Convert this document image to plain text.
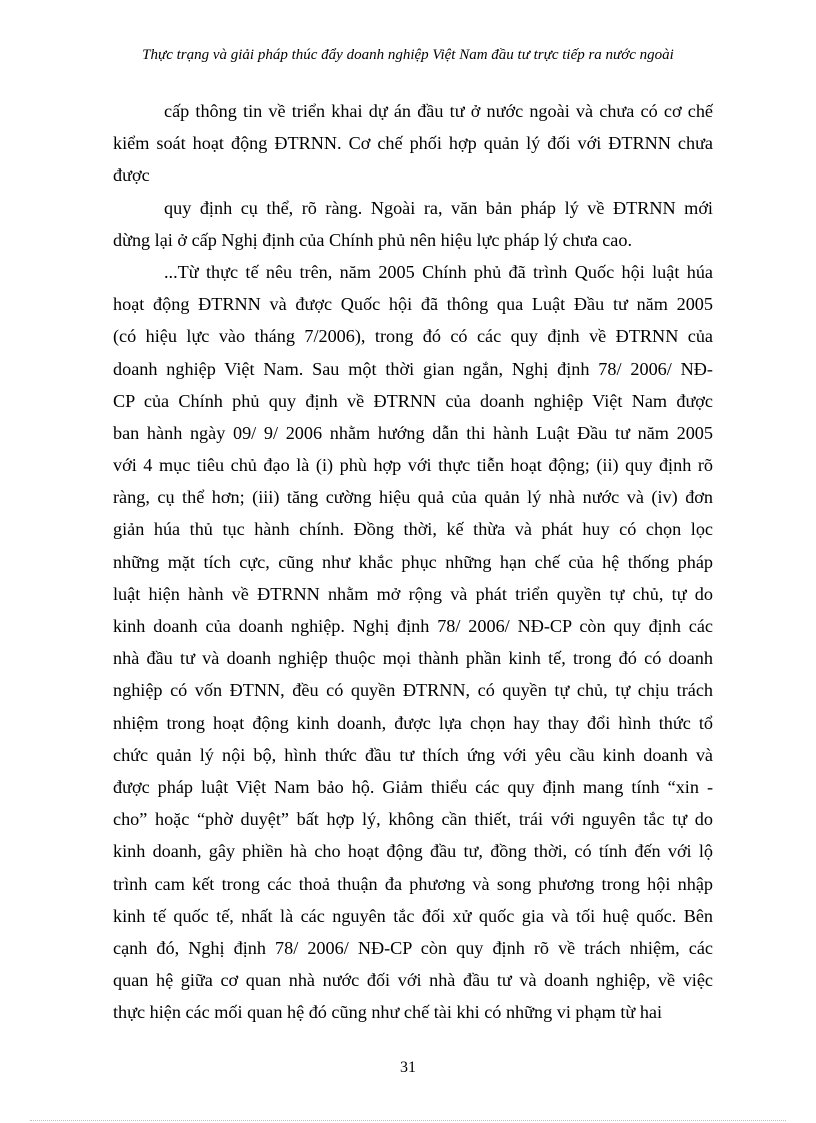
Thực trạng và giải pháp thúc đẩy doanh nghiệp Việt Nam đầu tư trực tiếp ra nước ngoài
cấp thông tin về triển khai dự án đầu tư ở nước ngoài và chưa có cơ chế
kiểm soát hoạt động ĐTRNN. Cơ chế phối hợp quản lý đối với ĐTRNN chưa
được
quy định cụ thể, rõ ràng. Ngoài ra, văn bản pháp lý về ĐTRNN mới
dừng lại ở cấp Nghị định của Chính phủ nên hiệu lực pháp lý chưa cao.
...Từ thực tế nêu trên, năm 2005 Chính phủ đã trình Quốc hội luật húa
hoạt động ĐTRNN và được Quốc hội đã thông qua Luật Đầu tư năm 2005
(có hiệu lực vào tháng 7/2006), trong đó có các quy định về ĐTRNN của
doanh nghiệp Việt Nam. Sau một thời gian ngắn, Nghị định 78/ 2006/ NĐ-
CP của Chính phủ quy định về ĐTRNN của doanh nghiệp Việt Nam được
ban hành ngày 09/ 9/ 2006 nhằm hướng dẫn thi hành Luật Đầu tư năm 2005
với 4 mục tiêu chủ đạo là (i) phù hợp với thực tiễn hoạt động; (ii) quy định rõ
ràng, cụ thể hơn; (iii) tăng cường hiệu quả của quản lý nhà nước và (iv) đơn
giản húa thủ tục hành chính. Đồng thời, kế thừa và phát huy có chọn lọc
những mặt tích cực, cũng như khắc phục những hạn chế của hệ thống pháp
luật hiện hành về ĐTRNN nhằm mở rộng và phát triển quyền tự chủ, tự do
kinh doanh của doanh nghiệp. Nghị định 78/ 2006/ NĐ-CP còn quy định các
nhà đầu tư và doanh nghiệp thuộc mọi thành phần kinh tế, trong đó có doanh
nghiệp có vốn ĐTNN, đều có quyền ĐTRNN, có quyền tự chủ, tự chịu trách
nhiệm trong hoạt động kinh doanh, được lựa chọn hay thay đổi hình thức tổ
chức quản lý nội bộ, hình thức đầu tư thích ứng với yêu cầu kinh doanh và
được pháp luật Việt Nam bảo hộ. Giảm thiểu các quy định mang tính “xin -
cho” hoặc “phờ duyệt” bất hợp lý, không cần thiết, trái với nguyên tắc tự do
kinh doanh, gây phiền hà cho hoạt động đầu tư, đồng thời, có tính đến với lộ
trình cam kết trong các thoả thuận đa phương và song phương trong hội nhập
kinh tế quốc tế, nhất là các nguyên tắc đối xử quốc gia và tối huệ quốc. Bên
cạnh đó, Nghị định 78/ 2006/ NĐ-CP còn quy định rõ về trách nhiệm, các
quan hệ giữa cơ quan nhà nước đối với nhà đầu tư và doanh nghiệp, về việc
thực hiện các mối quan hệ đó cũng như chế tài khi có những vi phạm từ hai
31
